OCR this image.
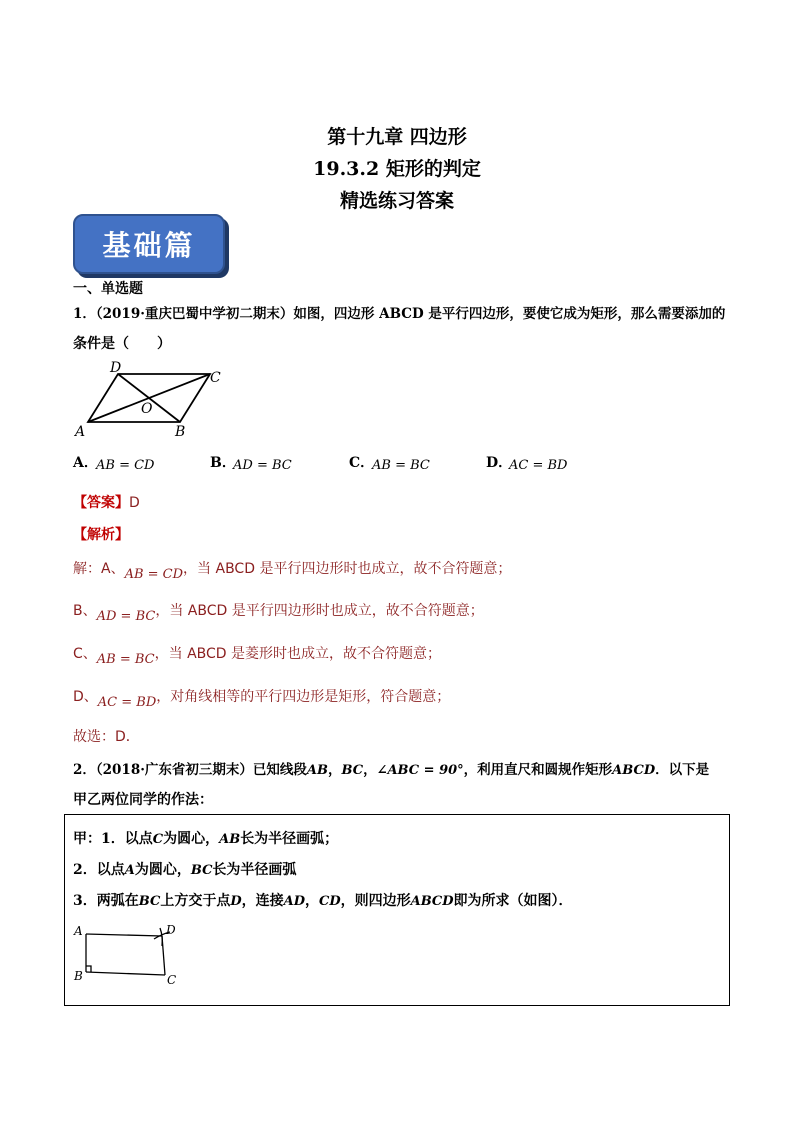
第十九章 四边形
19.3.2 矩形的判定
精选练习答案
基础篇
一、单选题
1．（2019·重庆巴蜀中学初二期末）如图，四边形 ABCD 是平行四边形，要使它成为矩形，那么需要添加的
条件是（　　）
D
C
O
A	B
A．
AB = CD	B．
AD = BC	C．
AB = BC	D．
AC = BD
【答案】D
【解析】
解：A、AB = CD，当 ABCD 是平行四边形时也成立，故不合符题意；
B、AD = BC，当 ABCD 是平行四边形时也成立，故不合符题意；
C、AB = BC，当 ABCD 是菱形时也成立，故不合符题意；
D、AC = BD，对角线相等的平行四边形是矩形，符合题意；
故选：D．
2．（2018·广东省初三期末）已知线段AB，BC，∠ABC = 90°，利用直尺和圆规作矩形ABCD．以下是
甲乙两位同学的作法：
甲：1．以点C为圆心，AB长为半径画弧；
2．以点A为圆心，BC长为半径画弧
3．两弧在BC上方交于点D，连接AD，CD，则四边形ABCD即为所求（如图）．
A	D
B	C
